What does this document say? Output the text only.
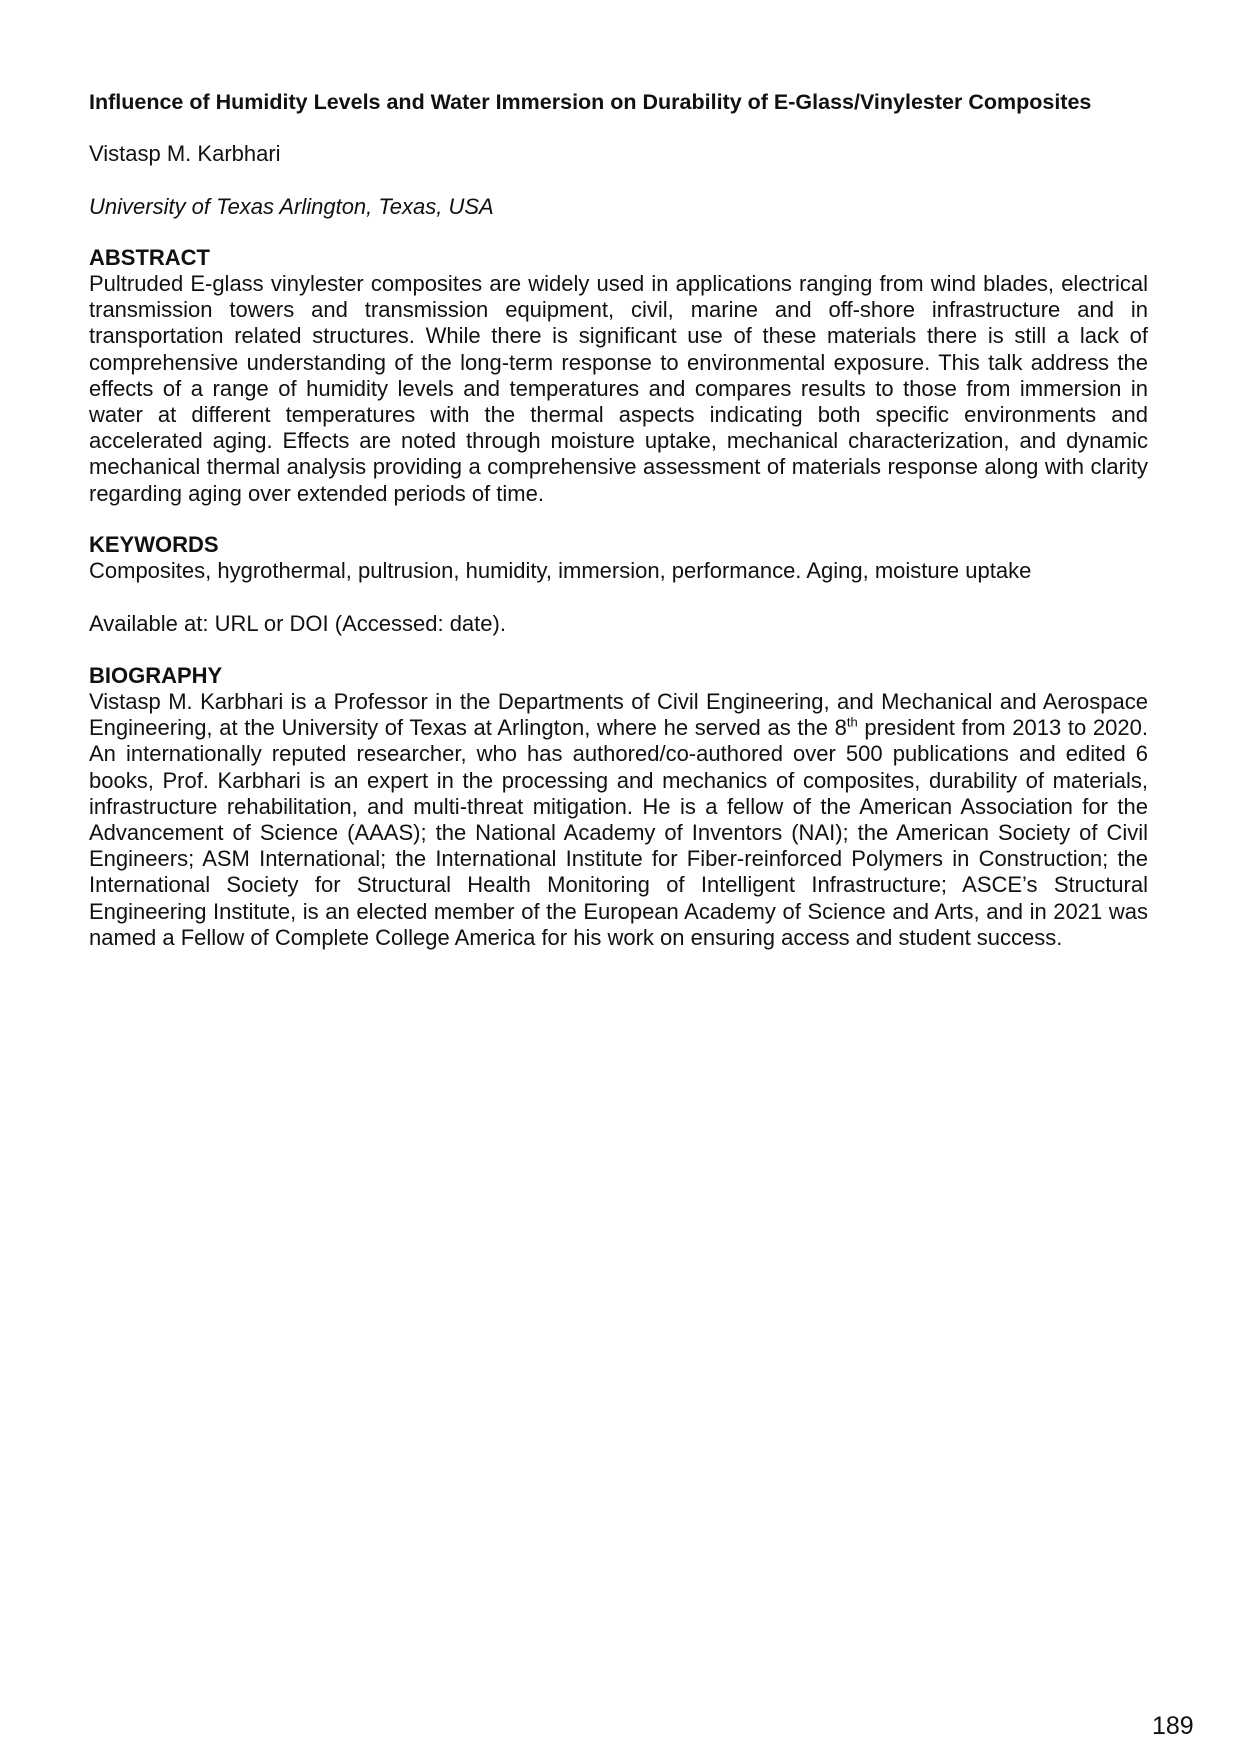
Influence of Humidity Levels and Water Immersion on Durability of E-Glass/Vinylester Composites
Vistasp M. Karbhari
University of Texas Arlington, Texas, USA
ABSTRACT
Pultruded E-glass vinylester composites are widely used in applications ranging from wind blades, electrical transmission towers and transmission equipment, civil, marine and off-shore infrastructure and in transportation related structures. While there is significant use of these materials there is still a lack of comprehensive understanding of the long-term response to environmental exposure. This talk address the effects of a range of humidity levels and temperatures and compares results to those from immersion in water at different temperatures with the thermal aspects indicating both specific environments and accelerated aging. Effects are noted through moisture uptake, mechanical characterization, and dynamic mechanical thermal analysis providing a comprehensive assessment of materials response along with clarity regarding aging over extended periods of time.
KEYWORDS
Composites, hygrothermal, pultrusion, humidity, immersion, performance. Aging, moisture uptake
Available at: URL or DOI (Accessed: date).
BIOGRAPHY
Vistasp M. Karbhari is a Professor in the Departments of Civil Engineering, and Mechanical and Aerospace Engineering, at the University of Texas at Arlington, where he served as the 8th president from 2013 to 2020. An internationally reputed researcher, who has authored/co-authored over 500 publications and edited 6 books, Prof. Karbhari is an expert in the processing and mechanics of composites, durability of materials, infrastructure rehabilitation, and multi-threat mitigation. He is a fellow of the American Association for the Advancement of Science (AAAS); the National Academy of Inventors (NAI); the American Society of Civil Engineers; ASM International; the International Institute for Fiber-reinforced Polymers in Construction; the International Society for Structural Health Monitoring of Intelligent Infrastructure; ASCE’s Structural Engineering Institute, is an elected member of the European Academy of Science and Arts, and in 2021 was named a Fellow of Complete College America for his work on ensuring access and student success.
189
